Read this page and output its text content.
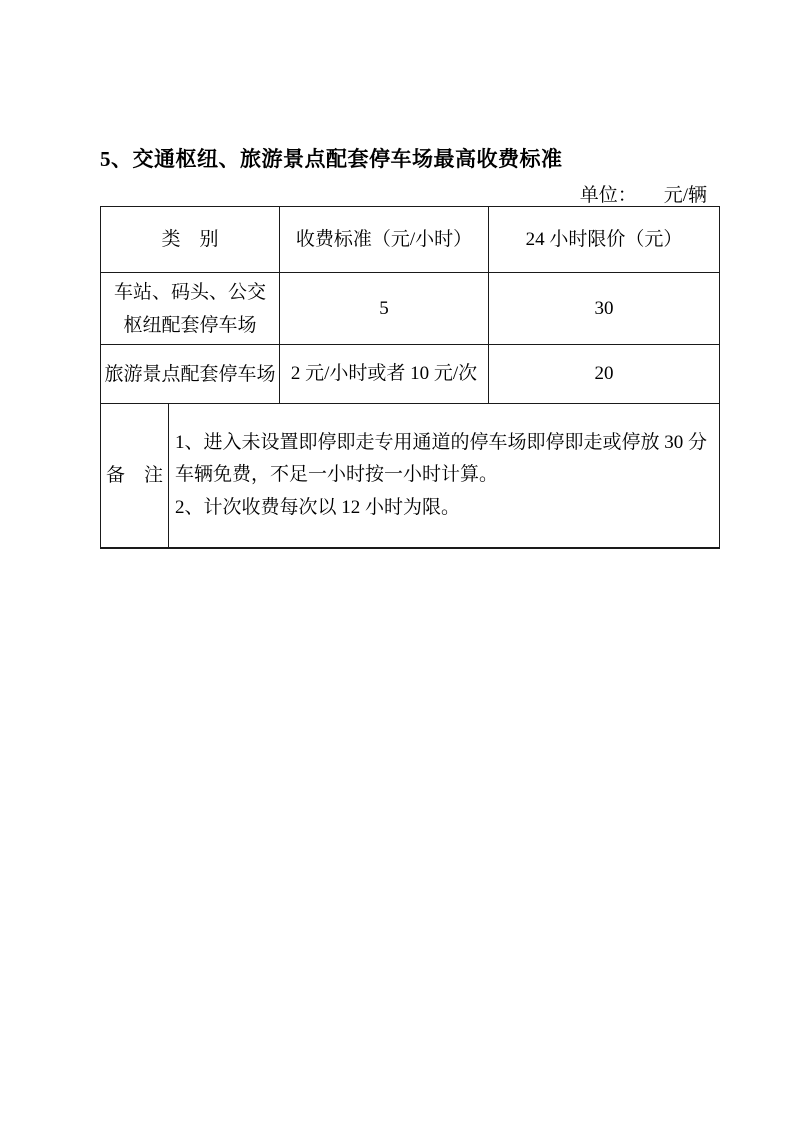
5、交通枢纽、旅游景点配套停车场最高收费标准
单位： 元/辆
类　别	收费标准（元/小时）	24 小时限价（元）
车站、码头、公交
枢纽配套停车场
5	30
旅游景点配套停车场 2 元/小时或者 10 元/次	20
备　注
1、进入未设置即停即走专用通道的停车场即停即走或停放 30 分
车辆免费，不足一小时按一小时计算。
2、计次收费每次以 12 小时为限。
